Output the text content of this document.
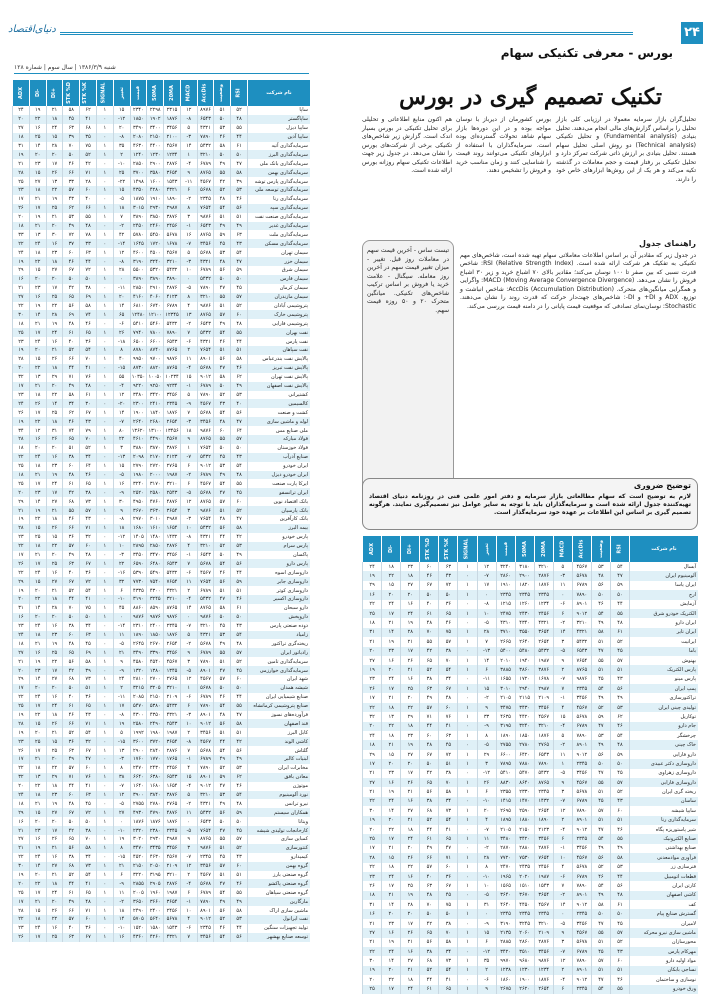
دنیای‌اقتصاد	۲۴
بورس - معرفی تکنیکی سهام
شنبه ۱۳۸۶/۳/۹ | سال سوم | شماره ۱۲۸
نام شرکت	RSI	وضعیت	AccDis	MACD	20MA	50MA	قیمت	تغییر	SIGNAL	STK %K	STK %D	+DI	-DI	ADX
ساپا	۵۲	۵۱	۸۹۷۶	۱۲	۲۳۱۵	۲۲۹۸	۲۳۴۰	۱۵	۱	۶۲	۵۸	۲۱	۱۹	۲۴
ساپاگستر	۴۸	۵۰	۶۵۴۳	۸-	۱۸۷۶	۱۹۰۲	۱۸۵۰	۱۲-	۰	۴۱	۴۵	۱۸	۲۲	۲۰
سایپا دیزل	۵۵	۵۳	۴۳۲۱	۵	۳۴۵۶	۳۴۰۰	۳۴۹۰	۲۰	۱	۶۸	۶۳	۲۴	۱۶	۲۷
سایپا آذین	۴۴	۴۶	۷۸۹۰	۳-	۲۱۰۰	۲۱۵۰	۲۰۸۰	۸-	۰	۳۵	۳۹	۱۵	۲۵	۱۸
سرمایه‌گذاری آتیه	۶۱	۵۸	۵۴۳۲	۱۴	۴۵۶۷	۴۴۰۰	۴۶۳۰	۳۵	۱	۷۵	۷۰	۲۸	۱۴	۳۱
سرمایه‌گذاری البرز	۵۰	۵۰	۳۲۱۰	۱	۱۲۳۴	۱۲۳۰	۱۲۴۰	۲	۱	۵۲	۵۰	۲۰	۲۰	۱۹
سرمایه‌گذاری بانک ملی	۴۷	۴۹	۶۷۸۹	۴-	۲۸۷۶	۲۹۰۰	۲۸۵۰	۱۰-	۰	۴۲	۴۶	۱۷	۲۳	۲۱
سرمایه‌گذاری بهمن	۵۸	۵۵	۸۷۶۵	۹	۳۶۵۴	۳۵۸۰	۳۷۰۰	۲۵	۱	۷۱	۶۶	۲۶	۱۵	۲۸
سرمایه‌گذاری پارس توشه	۳۹	۴۲	۴۵۶۷	۱۱-	۱۵۴۳	۱۶۰۰	۱۴۹۸	۲۲-	۰	۲۸	۳۳	۱۳	۲۷	۲۵
سرمایه‌گذاری توسعه ملی	۵۳	۵۲	۵۶۷۸	۶	۴۳۲۱	۴۲۸۰	۴۳۵۰	۱۵	۱	۶۰	۵۷	۲۲	۱۸	۲۳
سرمایه‌گذاری رنا	۴۶	۴۸	۲۳۴۵	۲-	۱۸۹۰	۱۹۱۰	۱۸۷۵	۵-	۰	۴۰	۴۳	۱۹	۲۱	۱۷
سرمایه‌گذاری سپه	۵۶	۵۴	۷۶۵۴	۸	۲۹۸۷	۲۹۳۰	۳۰۱۵	۱۸	۱	۶۶	۶۲	۲۵	۱۷	۲۶
سرمایه‌گذاری صنعت نفت	۵۱	۵۱	۹۸۷۶	۳	۳۸۷۶	۳۸۵۰	۳۸۹۰	۷	۱	۵۵	۵۳	۲۱	۱۹	۲۰
سرمایه‌گذاری غدیر	۴۹	۴۹	۶۵۴۳	۱-	۲۴۵۶	۲۴۶۰	۲۴۵۰	۲-	۰	۴۸	۴۹	۲۰	۲۱	۱۸
سرمایه‌گذاری ملت	۶۳	۵۹	۸۷۶۵	۱۶	۵۶۷۸	۵۴۵۰	۵۷۸۰	۴۲	۱	۷۸	۷۲	۳۰	۱۳	۳۳
سرمایه‌گذاری مسکن	۴۳	۴۵	۳۴۵۶	۷-	۱۶۷۸	۱۷۲۰	۱۶۴۵	۱۴-	۰	۳۳	۳۷	۱۶	۲۴	۲۲
سیمان تهران	۵۴	۵۳	۵۶۷۸	۵	۴۵۶۷	۴۵۰۰	۴۶۰۰	۱۲	۱	۶۳	۶۰	۲۳	۱۸	۲۴
سیمان خزر	۴۷	۴۸	۴۳۲۱	۳-	۳۲۱۰	۳۲۴۰	۳۱۹۰	۸-	۰	۴۴	۴۶	۱۸	۲۲	۱۹
سیمان شرق	۵۹	۵۶	۶۷۸۹	۱۰	۵۴۳۲	۵۳۲۰	۵۵۰۰	۲۸	۱	۷۲	۶۷	۲۷	۱۵	۲۹
سیمان فارس	۵۰	۵۰	۵۴۳۲	۰	۳۸۹۰	۳۸۹۰	۳۸۹۰	۰	۱	۵۰	۵۰	۲۰	۲۰	۱۶
سیمان کرمان	۴۵	۴۷	۷۸۹۰	۵-	۲۸۷۶	۲۹۱۰	۲۸۵۰	۱۱-	۰	۳۸	۴۲	۱۷	۲۳	۲۱
سیمان مازندران	۵۷	۵۵	۳۲۱۰	۸	۴۱۲۳	۴۰۶۰	۴۱۶۰	۲۰	۱	۶۹	۶۵	۲۵	۱۶	۲۷
پتروشیمی آبادان	۵۲	۵۱	۹۸۷۶	۴	۶۷۸۹	۶۷۴۰	۶۸۱۰	۱۴	۱	۵۸	۵۶	۲۲	۱۹	۲۲
پتروشیمی خارک	۶۰	۵۷	۸۷۶۵	۱۳	۱۲۳۴۵	۱۲۱۰۰	۱۲۴۸۰	۶۵	۱	۷۴	۶۹	۲۸	۱۴	۳۰
پتروشیمی فارابی	۴۸	۴۹	۶۵۴۳	۲-	۵۴۳۲	۵۴۶۰	۵۴۱۰	۶-	۰	۴۶	۴۸	۱۹	۲۱	۱۸
نفت بهران	۵۵	۵۴	۵۴۳۲	۷	۷۸۹۰	۷۸۰۰	۷۹۴۰	۲۶	۱	۶۵	۶۱	۲۴	۱۷	۲۵
نفت پارس	۴۴	۴۶	۴۳۲۱	۶-	۶۵۴۳	۶۶۰۰	۶۵۰۰	۱۸-	۰	۳۶	۴۰	۱۶	۲۴	۲۳
نفت سپاهان	۵۱	۵۱	۷۶۵۴	۲	۸۷۶۵	۸۷۴۰	۸۷۸۰	۸	۱	۵۴	۵۲	۲۱	۲۰	۱۹
پالایش نفت بندرعباس	۵۸	۵۶	۸۹۰۱	۱۱	۹۸۷۶	۹۷۰۰	۹۹۵۰	۴۰	۱	۷۰	۶۶	۲۶	۱۵	۲۸
پالایش نفت تبریز	۴۶	۴۷	۵۶۷۸	۴-	۸۷۶۵	۸۸۲۰	۸۷۳۰	۱۵-	۰	۴۱	۴۴	۱۸	۲۲	۲۰
پالایش نفت تهران	۶۲	۵۸	۹۰۱۲	۱۵	۱۰۲۳۴	۱۰۰۵۰	۱۰۳۵۰	۵۵	۱	۷۶	۷۱	۲۹	۱۳	۳۲
پالایش نفت اصفهان	۴۹	۵۰	۶۷۸۹	۱-	۹۲۳۴	۹۲۵۰	۹۲۲۰	۴-	۰	۴۸	۴۹	۲۰	۲۱	۱۷
کشتیرانی	۵۳	۵۲	۷۸۹۰	۵	۳۴۵۶	۳۴۲۰	۳۴۸۰	۱۲	۱	۶۱	۵۸	۲۲	۱۸	۲۳
کالسیمین	۴۰	۴۳	۴۵۶۷	۹-	۲۳۴۵	۲۴۱۰	۲۳۰۰	۲۰-	۰	۳۰	۳۴	۱۴	۲۶	۲۴
کشت و صنعت	۵۶	۵۴	۵۶۷۸	۷	۱۸۷۶	۱۸۴۰	۱۹۰۰	۱۴	۱	۶۷	۶۲	۲۵	۱۷	۲۶
لوله و ماشین سازی	۴۷	۴۸	۳۴۵۶	۳-	۲۶۵۴	۲۶۸۰	۲۶۴۰	۷-	۰	۴۳	۴۶	۱۸	۲۲	۱۹
ملی صنایع مس	۶۴	۶۰	۹۸۷۶	۱۸	۱۳۴۵۶	۱۳۱۰۰	۱۳۶۲۰	۸۰	۱	۷۹	۷۴	۳۱	۱۲	۳۴
فولاد مبارکه	۵۷	۵۵	۸۷۶۵	۹	۴۵۶۷	۴۴۹۰	۴۶۱۰	۲۲	۱	۷۰	۶۵	۲۶	۱۶	۲۸
فولاد خوزستان	۵۰	۵۰	۷۶۵۴	۱	۳۸۷۶	۳۸۷۰	۳۸۸۰	۳	۱	۵۲	۵۱	۲۰	۲۰	۱۸
صنایع آذرآب	۴۳	۴۵	۵۴۳۲	۷-	۲۱۲۳	۲۱۷۰	۲۰۹۸	۱۳-	۰	۳۴	۳۸	۱۶	۲۴	۲۲
ایران خودرو	۵۴	۵۳	۹۰۱۲	۶	۲۷۶۵	۲۷۲۰	۲۷۹۰	۱۵	۱	۶۴	۶۰	۲۳	۱۸	۲۵
ایران خودرو دیزل	۴۸	۴۹	۶۷۸۹	۲-	۱۹۸۷	۲۰۰۰	۱۹۸۰	۵-	۰	۴۶	۴۸	۱۹	۲۱	۱۸
ایرکا پارت صنعت	۵۵	۵۴	۴۵۶۷	۶	۳۲۱۰	۳۱۷۰	۳۲۴۰	۱۶	۱	۶۵	۶۱	۲۴	۱۷	۲۵
ایران ترانسفو	۴۵	۴۷	۵۶۷۸	۵-	۲۵۴۳	۲۵۸۰	۲۵۲۰	۹-	۰	۳۸	۴۲	۱۷	۲۳	۲۰
بانک اقتصاد نوین	۶۰	۵۷	۸۷۶۵	۱۲	۴۸۷۶	۴۷۶۰	۴۹۵۰	۳۰	۱	۷۳	۶۸	۲۷	۱۴	۲۹
بانک پارسیان	۵۲	۵۱	۹۸۷۶	۳	۳۶۵۴	۳۶۳۰	۳۶۷۰	۹	۱	۵۷	۵۵	۲۱	۱۹	۲۱
بانک کارآفرین	۴۷	۴۸	۷۶۵۴	۳-	۲۹۸۷	۳۰۱۰	۲۹۷۰	۸-	۰	۴۳	۴۶	۱۸	۲۲	۱۹
بیمه البرز	۵۸	۵۶	۵۴۳۲	۱۰	۱۶۵۴	۱۶۱۰	۱۶۸۰	۱۸	۱	۷۱	۶۶	۲۶	۱۵	۲۸
پارس خودرو	۴۲	۴۴	۴۳۲۱	۸-	۱۴۳۲	۱۴۸۰	۱۴۰۵	۱۲-	۰	۳۲	۳۶	۱۵	۲۵	۲۳
پارس سرام	۵۳	۵۲	۳۲۱۰	۴	۲۸۷۶	۲۸۵۰	۲۸۹۵	۱۰	۱	۶۰	۵۷	۲۲	۱۸	۲۲
پاکسان	۴۹	۵۰	۶۵۴۳	۱-	۳۴۵۶	۳۴۷۰	۳۴۵۰	۳-	۰	۴۸	۴۹	۲۰	۲۱	۱۷
پارس دارو	۵۶	۵۴	۵۶۷۸	۷	۶۵۴۳	۶۴۸۰	۶۵۹۰	۲۲	۱	۶۷	۶۳	۲۵	۱۷	۲۶
داروسازی اسوه	۴۴	۴۶	۴۵۶۷	۶-	۵۴۳۲	۵۴۹۰	۵۳۹۰	۱۶-	۰	۳۶	۴۰	۱۶	۲۴	۲۲
داروسازی جابر	۵۹	۵۶	۷۶۵۴	۱۱	۷۶۵۴	۷۵۴۰	۷۷۳۰	۳۲	۱	۷۲	۶۷	۲۷	۱۵	۲۹
داروسازی کوثر	۵۱	۵۱	۶۷۸۹	۲	۴۳۲۱	۴۳۰۰	۴۳۳۵	۶	۱	۵۴	۵۲	۲۱	۲۰	۱۹
داروسازی اکسیر	۴۶	۴۷	۵۴۳۲	۴-	۳۲۱۰	۳۲۴۵	۳۱۹۰	۱۰-	۰	۴۱	۴۴	۱۸	۲۲	۲۰
دارو سبحان	۶۱	۵۸	۸۷۶۵	۱۴	۸۷۶۵	۸۵۹۰	۸۸۶۰	۴۵	۱	۷۵	۷۰	۲۸	۱۴	۳۱
داروپخش	۵۰	۵۰	۹۸۷۶	۰	۹۸۷۶	۹۸۷۶	۹۸۷۶	۰	۱	۵۰	۵۰	۲۰	۲۰	۱۶
دوده صنعتی پارس	۴۳	۴۵	۳۲۱۰	۷-	۲۳۴۵	۲۴۰۰	۲۳۱۰	۱۴-	۰	۳۴	۳۸	۱۶	۲۴	۲۳
زامیاد	۵۴	۵۳	۴۳۲۱	۵	۱۸۷۶	۱۸۵۰	۱۸۹۰	۱۱	۱	۶۳	۶۰	۲۳	۱۸	۲۴
ریخته‌گری تراکتور	۴۸	۴۹	۵۶۷۸	۲-	۲۶۵۴	۲۶۷۰	۲۶۴۵	۵-	۰	۴۵	۴۸	۱۹	۲۱	۱۸
رادیاتور ایران	۵۷	۵۵	۶۷۸۹	۹	۳۴۵۶	۳۳۹۰	۳۴۹۰	۲۱	۱	۶۹	۶۵	۲۵	۱۶	۲۷
سرمایه‌گذاری تامین	۵۲	۵۱	۷۸۹۰	۳	۴۵۶۷	۴۵۴۰	۴۵۸۰	۹	۱	۵۸	۵۶	۲۲	۱۹	۲۱
سرمایه‌گذاری خوارزمی	۴۵	۴۷	۸۹۰۱	۵-	۱۳۴۵	۱۳۸۰	۱۳۲۰	۹-	۰	۳۹	۴۲	۱۷	۲۳	۲۰
شهد ایران	۶۰	۵۷	۴۵۶۷	۱۲	۲۷۶۵	۲۷۰۰	۲۸۱۰	۲۴	۱	۷۳	۶۸	۲۷	۱۴	۲۹
شیشه همدان	۵۰	۵۰	۵۶۷۸	۱	۳۲۱۰	۳۲۰۵	۳۲۱۵	۲	۱	۵۱	۵۰	۲۰	۲۰	۱۷
صنایع شیمیایی ایران	۴۴	۴۶	۶۷۸۹	۶-	۲۱۰۹	۲۱۵۰	۲۰۸۵	۱۱-	۰	۳۶	۴۰	۱۶	۲۴	۲۲
صنایع پتروشیمی کرمانشاه	۵۵	۵۴	۷۸۹۰	۶	۵۴۳۲	۵۳۸۰	۵۴۷۰	۱۷	۱	۶۵	۶۱	۲۴	۱۷	۲۵
فرآورده‌های نسوز	۴۷	۴۸	۸۹۰۱	۳-	۴۳۲۱	۴۳۵۰	۴۳۰۰	۸-	۰	۴۳	۴۶	۱۸	۲۲	۱۹
قند اصفهان	۵۸	۵۶	۹۰۱۲	۱۰	۲۵۴۳	۲۴۹۰	۲۵۸۰	۱۹	۱	۷۱	۶۶	۲۶	۱۵	۲۸
کابل البرز	۵۱	۵۱	۳۴۵۶	۲	۱۹۸۷	۱۹۸۰	۱۹۹۲	۵	۱	۵۴	۵۲	۲۱	۲۰	۱۹
کاشی الوند	۴۲	۴۴	۴۵۶۷	۸-	۳۶۵۴	۳۷۲۰	۳۶۰۰	۱۵-	۰	۳۲	۳۶	۱۵	۲۵	۲۳
گلتاش	۵۶	۵۴	۵۶۷۸	۷	۲۸۷۶	۲۸۴۰	۲۹۰۰	۱۳	۱	۶۷	۶۳	۲۵	۱۷	۲۶
لبنیات کالبر	۴۹	۴۹	۶۷۸۹	۱-	۱۷۶۵	۱۷۷۰	۱۷۶۰	۳-	۰	۴۷	۴۹	۲۰	۲۱	۱۷
مخابرات ایران	۵۳	۵۲	۷۸۹۰	۴	۲۴۵۶	۲۴۳۰	۲۴۷۰	۸	۱	۶۰	۵۷	۲۲	۱۸	۲۲
معادن بافق	۶۲	۵۹	۸۹۰۱	۱۵	۶۵۴۳	۶۳۸۰	۶۶۴۰	۳۸	۱	۷۶	۷۱	۲۹	۱۳	۳۲
موتوژن	۴۶	۴۷	۹۰۱۲	۴-	۱۶۵۴	۱۶۸۰	۱۶۴۰	۷-	۰	۴۱	۴۴	۱۸	۲۲	۲۰
نورد آلومینیوم	۵۴	۵۳	۳۲۱۰	۵	۳۸۷۶	۳۸۴۰	۳۹۰۰	۱۲	۱	۶۳	۶۰	۲۳	۱۸	۲۴
نیرو ترانس	۴۸	۴۹	۴۳۲۱	۲-	۲۷۶۵	۲۷۸۰	۲۷۵۵	۵-	۰	۴۵	۴۸	۱۹	۲۱	۱۸
همکاران سیستم	۵۹	۵۶	۵۴۳۲	۱۱	۴۸۷۶	۴۷۹۰	۴۹۳۰	۲۷	۱	۷۲	۶۷	۲۷	۱۵	۲۹
ویتانا	۵۰	۵۰	۶۵۴۳	۰	۱۸۷۶	۱۸۷۶	۱۸۷۶	۰	۱	۵۰	۵۰	۲۰	۲۰	۱۶
کارخانجات تولیدی شیشه	۴۵	۴۷	۷۶۵۴	۵-	۲۳۴۵	۲۳۸۰	۲۳۲۰	۱۰-	۰	۳۸	۴۲	۱۷	۲۳	۲۱
کمباین سازی	۵۷	۵۵	۸۷۶۵	۹	۲۹۸۷	۲۹۳۰	۳۰۲۰	۱۹	۱	۷۰	۶۵	۲۶	۱۶	۲۷
کنتورسازی	۵۲	۵۱	۹۸۷۶	۳	۳۴۵۶	۳۴۳۵	۳۴۷۰	۸	۱	۵۸	۵۶	۲۱	۱۹	۲۱
کیمیدارو	۴۳	۴۵	۲۳۴۵	۷-	۴۵۶۷	۴۶۳۰	۴۵۲۰	۱۵-	۰	۳۴	۳۸	۱۶	۲۴	۲۲
گروه بهمن	۶۰	۵۷	۳۴۵۶	۱۲	۲۱۰۹	۲۰۵۰	۲۱۵۰	۲۱	۱	۷۳	۶۸	۲۷	۱۴	۳۰
گروه صنعتی بارز	۵۱	۵۱	۴۵۶۷	۲	۳۲۱۰	۳۱۹۵	۳۲۲۰	۶	۱	۵۴	۵۲	۲۱	۲۰	۱۹
گروه صنعتی پاکشو	۴۶	۴۷	۵۶۷۸	۴-	۲۸۷۶	۲۹۰۵	۲۸۵۵	۹-	۰	۴۱	۴۴	۱۸	۲۲	۲۰
گروه صنعتی سپاهان	۵۵	۵۴	۶۷۸۹	۶	۱۹۸۷	۱۹۶۰	۲۰۰۵	۱۱	۱	۶۵	۶۱	۲۴	۱۷	۲۵
مارگارین	۴۹	۴۹	۷۸۹۰	۱-	۳۶۵۴	۳۶۶۰	۳۶۵۰	۲-	۰	۴۸	۴۹	۲۰	۲۱	۱۷
ماشین سازی اراک	۵۸	۵۶	۸۹۰۱	۱۰	۲۴۵۶	۲۴۰۰	۲۴۹۰	۱۸	۱	۷۱	۶۶	۲۶	۱۵	۲۸
نفت ایرانول	۵۳	۵۲	۹۰۱۲	۴	۵۶۷۸	۵۶۴۰	۵۷۰۵	۱۴	۱	۶۰	۵۷	۲۲	۱۸	۲۲
تولید تجهیزات سنگین	۴۴	۴۶	۲۳۴۵	۶-	۱۵۴۳	۱۵۸۰	۱۵۲۰	۱۰-	۰	۳۶	۴۰	۱۶	۲۴	۲۳
توسعه صنایع بهشهر	۵۶	۵۴	۳۴۵۶	۷	۴۳۲۱	۴۲۶۰	۴۳۶۰	۱۶	۱	۶۷	۶۳	۲۵	۱۷	۲۶
تکنیک تصمیم گیری در بورس
تحلیل‌گران بازار سرمایه معمولا در ارزیابی کلی بازار تحلیل را براساس گزارش‌های مالی انجام می‌دهند. تحلیل بنیادی (Fundamental analysis) و تحلیل تکنیکی (Technical analysis) دو روش اصلی تحلیل سهام هستند. تحلیل بنیادی بر ارزش ذاتی شرکت تمرکز دارد و تحلیل تکنیکی بر رفتار قیمت و حجم معاملات در گذشته تکیه می‌کند و هر یک از این روش‌ها ابزارهای خاص خود را دارند.
بورس کشورمان از دیرباز با نوسان مواجه بوده و در این دوره‌ها بازار سهام شاهد تحولات گسترده‌ای بوده است. سرمایه‌گذاران با استفاده از ابزارهای تکنیکی می‌توانند روند قیمت را شناسایی کنند و زمان مناسب خرید و فروش را تشخیص دهند.
هم اکنون منابع اطلاعاتی و تحلیلی برای تحلیل تکنیکی در بورس بسیار اندک است. گزارش زیر شاخص‌های تکنیکی برخی از شرکت‌های بورس را نشان می‌دهد. در جدول زیر جهت اطلاعات تکنیکی سهام روزانه بورس ارائه شده است.
راهنمای جدول
در جدول زیر که مقادیر آن بر اساس اطلاعات معاملاتی سهام تهیه شده است، شاخص‌های مهم تکنیکی به تفکیک هر شرکت ارائه شده است. RSI (Relative Strength Index): شاخص قدرت نسبی که بین صفر تا ۱۰۰ نوسان می‌کند؛ مقادیر بالای ۷۰ اشباع خرید و زیر ۳۰ اشباع فروش را نشان می‌دهد. MACD (Moving Average Convergence Divergence): واگرایی و همگرایی میانگین‌های متحرک. AccDis (Accumulation Distribution): شاخص انباشت و توزیع. ADX و DI+ و DI-: شاخص‌های جهت‌دار حرکت که قدرت روند را نشان می‌دهند. Stochastic: نوسان‌نمای تصادفی که موقعیت قیمت پایانی را در دامنه قیمت بررسی می‌کند.
تیست ساس - آخرین قیمت سهم در معاملات روز قبل. تغییر - میزان تغییر قیمت سهم در آخرین روز معامله. سیگنال - علامت خرید یا فروش بر اساس ترکیب شاخص‌های تکنیکی. میانگین متحرک ۲۰ و ۵۰ روزه قیمت سهم.
توضیح ضروری

لازم به توضیح است که سهام مطالعاتی بازار سرمایه و دفتر امور علمی فنی در روزنامه دنیای اقتصاد تهیه‌کننده جدول ارائه شده است و سرمایه‌گذاران باید با توجه به سایر عوامل نیز تصمیم‌گیری نمایند. هرگونه تصمیم گیری بر اساس این اطلاعات بر عهده خود سرمایه‌گذار است.

نام شرکت	RSI	وضعیت	AccDis	MACD	20MA	50MA	قیمت	تغییر	SIGNAL	STK %K	STK %D	+DI	-DI	ADX
آبسال	۵۴	۵۳	۴۵۶۷	۵	۳۲۱۰	۳۱۸۰	۳۲۴۰	۱۲	۱	۶۳	۶۰	۲۳	۱۸	۲۴
آلومینیوم ایران	۴۷	۴۸	۵۶۷۸	۳-	۲۸۷۶	۲۹۰۰	۲۸۶۰	۷-	۰	۴۳	۴۶	۱۸	۲۲	۱۹
ایران یاسا	۵۹	۵۶	۶۷۸۹	۱۱	۱۸۷۶	۱۸۲۰	۱۹۱۰	۱۷	۱	۷۲	۶۷	۲۷	۱۵	۲۹
ارج	۵۰	۵۰	۷۸۹۰	۰	۲۳۴۵	۲۳۴۵	۲۳۴۵	۰	۱	۵۰	۵۰	۲۰	۲۰	۱۶
آزمایش	۴۴	۴۶	۸۹۰۱	۶-	۱۲۳۴	۱۲۶۰	۱۲۱۵	۸-	۰	۳۶	۴۰	۱۶	۲۴	۲۲
الکتریک خودرو شرق	۵۵	۵۴	۹۰۱۲	۶	۲۴۵۶	۲۴۳۰	۲۴۷۵	۱۰	۱	۶۵	۶۱	۲۴	۱۷	۲۵
ایران دارو	۴۸	۴۹	۳۲۱۰	۲-	۴۳۲۱	۴۳۴۰	۴۳۱۰	۵-	۰	۴۶	۴۸	۱۹	۲۱	۱۸
ایران تایر	۶۱	۵۸	۴۳۲۱	۱۴	۳۶۵۴	۳۵۵۰	۳۷۱۰	۲۸	۱	۷۵	۷۰	۲۸	۱۴	۳۱
ایرانیت	۵۲	۵۱	۵۴۳۲	۳	۲۶۵۴	۲۶۴۰	۲۶۶۵	۷	۱	۵۷	۵۵	۲۱	۱۹	۲۱
باما	۴۵	۴۷	۶۵۴۳	۵-	۵۴۳۲	۵۴۸۰	۵۴۰۰	۱۳-	۰	۳۸	۴۲	۱۷	۲۳	۲۰
بهنوش	۵۷	۵۵	۷۶۵۴	۹	۱۹۸۷	۱۹۴۰	۲۰۱۰	۱۴	۱	۷۰	۶۵	۲۶	۱۶	۲۷
پارس الکتریک	۵۱	۵۱	۸۷۶۵	۲	۳۸۷۶	۳۸۶۰	۳۸۸۵	۶	۱	۵۴	۵۲	۲۱	۲۰	۱۹
پارس مینو	۴۳	۴۵	۹۸۷۶	۷-	۱۶۷۸	۱۷۲۰	۱۶۵۵	۱۱-	۰	۳۴	۳۸	۱۶	۲۴	۲۳
پمپ ایران	۵۶	۵۴	۲۳۴۵	۷	۲۹۸۷	۲۹۴۰	۳۰۱۰	۱۵	۱	۶۷	۶۳	۲۵	۱۷	۲۶
تراکتورسازی	۴۹	۴۹	۳۴۵۶	۱-	۲۱۰۹	۲۱۱۵	۲۱۰۵	۲-	۰	۴۸	۴۹	۲۰	۲۱	۱۷
تولیدی چینی ایران	۵۳	۵۲	۴۵۶۷	۴	۳۴۵۶	۳۴۳۰	۳۴۷۵	۹	۱	۶۰	۵۷	۲۲	۱۸	۲۲
توکاریل	۶۲	۵۹	۵۶۷۸	۱۵	۴۵۶۷	۴۴۲۰	۴۶۳۵	۳۳	۱	۷۶	۷۱	۲۹	۱۳	۳۲
جام دارو	۴۶	۴۷	۶۷۸۹	۴-	۳۲۱۰	۳۲۴۰	۳۱۹۵	۹-	۰	۴۱	۴۴	۱۸	۲۲	۲۰
چرخشگر	۵۴	۵۳	۷۸۹۰	۵	۱۸۷۶	۱۸۵۰	۱۸۹۰	۸	۱	۶۳	۶۰	۲۳	۱۸	۲۴
خاک چینی	۴۸	۴۹	۸۹۰۱	۲-	۲۷۶۵	۲۷۸۰	۲۷۵۵	۵-	۰	۴۵	۴۸	۱۹	۲۱	۱۸
دارو فارابی	۵۹	۵۶	۹۰۱۲	۱۱	۶۵۴۳	۶۴۲۰	۶۶۰۰	۲۹	۱	۷۲	۶۷	۲۷	۱۵	۲۹
داروسازی دکتر عبیدی	۵۰	۵۰	۲۳۴۵	۱	۷۸۹۰	۷۸۸۰	۷۸۹۵	۳	۱	۵۱	۵۰	۲۰	۲۰	۱۷
داروسازی زهراوی	۴۵	۴۷	۳۴۵۶	۵-	۵۴۳۲	۵۴۷۰	۵۴۱۰	۱۲-	۰	۳۸	۴۲	۱۷	۲۳	۲۱
داروسازی فارابی	۵۷	۵۵	۴۵۶۷	۹	۸۷۶۵	۸۶۴۰	۸۸۳۰	۲۶	۱	۷۰	۶۵	۲۶	۱۶	۲۷
ریخته گری ایران	۵۲	۵۱	۵۶۷۸	۳	۲۳۴۵	۲۳۳۰	۲۳۵۵	۶	۱	۵۸	۵۶	۲۱	۱۹	۲۱
ساسان	۴۳	۴۵	۶۷۸۹	۷-	۱۴۳۲	۱۴۷۰	۱۴۱۵	۱۰-	۰	۳۴	۳۸	۱۶	۲۴	۲۲
سایپا شیشه	۶۰	۵۷	۷۸۹۰	۱۲	۲۶۵۴	۲۵۹۰	۲۶۹۵	۲۰	۱	۷۳	۶۸	۲۷	۱۴	۳۰
سرمایه‌گذاری رنا	۵۱	۵۱	۸۹۰۱	۲	۱۸۹۰	۱۸۸۰	۱۸۹۵	۴	۱	۵۴	۵۲	۲۱	۲۰	۱۹
شیر پاستوریزه پگاه	۴۶	۴۷	۹۰۱۲	۴-	۲۱۲۳	۲۱۵۰	۲۱۰۵	۷-	۰	۴۱	۴۴	۱۸	۲۲	۲۰
صنایع الکترونیک	۵۵	۵۴	۲۳۴۵	۶	۳۴۵۶	۳۴۲۰	۳۴۸۰	۱۱	۱	۶۵	۶۱	۲۴	۱۷	۲۵
صنایع بهداشتی	۴۹	۴۹	۳۴۵۶	۱-	۲۸۷۶	۲۸۸۰	۲۸۷۰	۲-	۰	۴۷	۴۹	۲۰	۲۱	۱۷
فرآوری موادمعدنی	۵۸	۵۶	۴۵۶۷	۱۰	۷۶۵۴	۷۵۳۰	۷۷۲۰	۲۸	۱	۷۱	۶۶	۲۶	۱۵	۲۸
فنرسازی زر	۵۳	۵۲	۵۶۷۸	۴	۲۴۵۶	۲۴۳۵	۲۴۷۰	۸	۱	۶۰	۵۷	۲۲	۱۸	۲۲
قطعات اتومبیل	۴۴	۴۶	۶۷۸۹	۶-	۱۹۸۷	۲۰۲۰	۱۹۶۵	۱۰-	۰	۳۶	۴۰	۱۶	۲۴	۲۳
کارتن ایران	۵۶	۵۴	۷۸۹۰	۷	۱۵۴۳	۱۵۱۰	۱۵۶۵	۱۰	۱	۶۷	۶۳	۲۵	۱۷	۲۶
کاشی اصفهان	۴۸	۴۹	۸۹۰۱	۲-	۳۶۵۴	۳۶۷۰	۳۶۴۰	۵-	۰	۴۵	۴۸	۱۹	۲۱	۱۸
کف	۶۱	۵۸	۹۰۱۲	۱۴	۴۵۶۷	۴۴۵۰	۴۶۴۰	۳۱	۱	۷۵	۷۰	۲۸	۱۴	۳۱
گسترش صنایع پیام	۵۰	۵۰	۲۳۴۵	۰	۲۳۴۵	۲۳۴۵	۲۳۴۵	۰	۱	۵۰	۵۰	۲۰	۲۰	۱۶
لامیران	۴۵	۴۷	۳۴۵۶	۵-	۳۲۱۰	۳۲۴۵	۳۱۹۰	۹-	۰	۳۸	۴۲	۱۷	۲۳	۲۱
ماشین سازی نیرو محرکه	۵۷	۵۵	۴۵۶۷	۹	۲۱۰۹	۲۰۶۰	۲۱۳۵	۱۵	۱	۷۰	۶۵	۲۶	۱۶	۲۷
محورسازان	۵۲	۵۱	۵۶۷۸	۳	۲۸۷۶	۲۸۶۰	۲۸۸۵	۶	۱	۵۸	۵۶	۲۱	۱۹	۲۱
مهرکام پارس	۴۳	۴۵	۶۷۸۹	۷-	۳۴۵۶	۳۵۱۰	۳۴۲۰	۱۲-	۰	۳۴	۳۸	۱۶	۲۴	۲۲
مواد اولیه دارو	۶۰	۵۷	۷۸۹۰	۱۲	۹۸۷۶	۹۶۸۰	۹۹۷۰	۳۵	۱	۷۳	۶۸	۲۷	۱۴	۳۰
نساجی بابکان	۵۱	۵۱	۸۹۰۱	۲	۱۲۳۴	۱۲۳۰	۱۲۳۸	۲	۱	۵۴	۵۲	۲۱	۲۰	۱۹
نوسازی و ساختمان	۴۶	۴۷	۹۰۱۲	۴-	۱۸۷۶	۱۹۰۰	۱۸۶۰	۶-	۰	۴۱	۴۴	۱۸	۲۲	۲۰
ورق خودرو	۵۵	۵۴	۲۳۴۵	۶	۲۶۵۴	۲۶۲۰	۲۶۷۵	۹	۱	۶۵	۶۱	۲۴	۱۷	۲۵
